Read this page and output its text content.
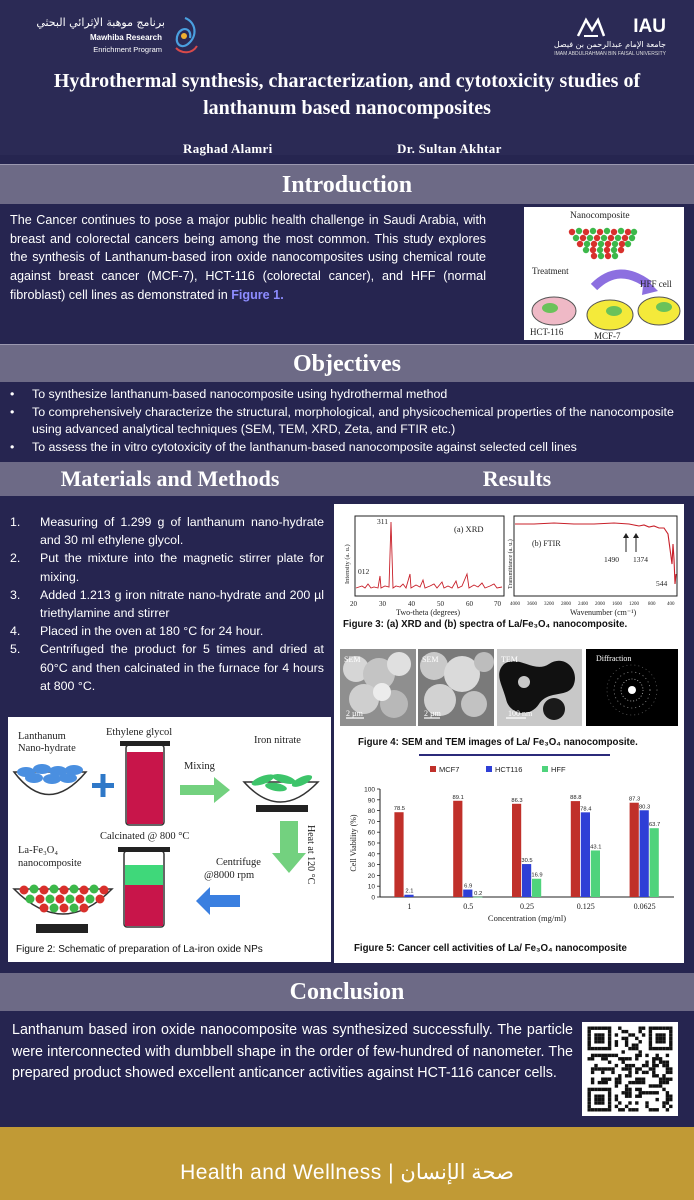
برنامج موهبة الإثرائي البحثي
Mawhiba Research
Enrichment Program
IAU
جامعة الإمام عبدالرحمن بن فيصل
IMAM ABDULRAHMAN BIN FAISAL UNIVERSITY
Hydrothermal synthesis, characterization, and cytotoxicity studies of lanthanum based nanocomposites
Raghad Alamri	Dr. Sultan Akhtar
Introduction
The Cancer continues to pose a major public health challenge in Saudi Arabia, with breast and colorectal cancers being among the most common. This study explores the synthesis of Lanthanum-based iron oxide nanocomposites using chemical route against breast cancer (MCF-7), HCT-116 (colorectal cancer), and HFF (normal fibroblast) cell lines as demonstrated in Figure 1.
Nanocomposite
Treatment
HFF cell
HCT-116	MCF-7
Objectives
• To synthesize lanthanum-based nanocomposite using hydrothermal method
• To comprehensively characterize the structural, morphological, and physicochemical properties of the nanocomposite using advanced analytical techniques (SEM, TEM, XRD, Zeta, and FTIR etc.)
• To assess the in vitro cytotoxicity of the lanthanum-based nanocomposite against selected cell lines
Materials and Methods	Results
1. Measuring of 1.299 g of lanthanum nano-hydrate and 30 ml ethylene glycol.
2. Put the mixture into the magnetic stirrer plate for mixing.
3. Added 1.213 g iron nitrate nano-hydrate and 200 µl triethylamine and stirrer
4. Placed in the oven at 180 °C for 24 hour.
5. Centrifuged the product for 5 times and dried at 60°C and then calcinated in the furnace for 4 hours at 800 °C.
Lanthanum Nano-hydrate
Ethylene glycol
Iron nitrate
Mixing
Heat at 120 °C
Calcinated @ 800 °C
La-Fe₃O₄
nanocomposite	Centrifuge
@8000 rpm
Figure 2: Schematic of preparation of La-iron oxide NPs
311
012
(a) XRD
20	30	40	50	60	70
Two-theta (degrees)
Intensity (a. u.)
(b) FTIR
1490 1374
544
4000 3600 3200 2800 2400 2000 1600 1200 800 400
Wavenumber (cm⁻¹)
Transmittance (a. u.)
SEM	SEM	TEM	Diffraction
2 µm	2 µm	100 nm
0
10
20
30
40
50
60
70
80
90
100
1
78.5
2.1
0.5
89.1
6.9
0.2
0.25
86.3
30.5
16.9
0.125
88.8
78.4
43.1
0.0625
87.3
80.3
63.7
MCF7	HCT116	HFF
Concentration (mg/ml)
Cell Viability (%)
Figure 3: (a) XRD and (b) spectra of La/Fe₃O₄ nanocomposite.
Figure 4: SEM and TEM images of La/ Fe₃O₄ nanocomposite.
Figure 5: Cancer cell activities of La/ Fe₃O₄ nanocomposite
Conclusion
Lanthanum based iron oxide nanocomposite was synthesized successfully. The particle were interconnected with dumbbell shape in the order of few-hundred of nanometer. The prepared product showed excellent anticancer activities against HCT-116 cancer cells.
Health and Wellness | صحة الإنسان
